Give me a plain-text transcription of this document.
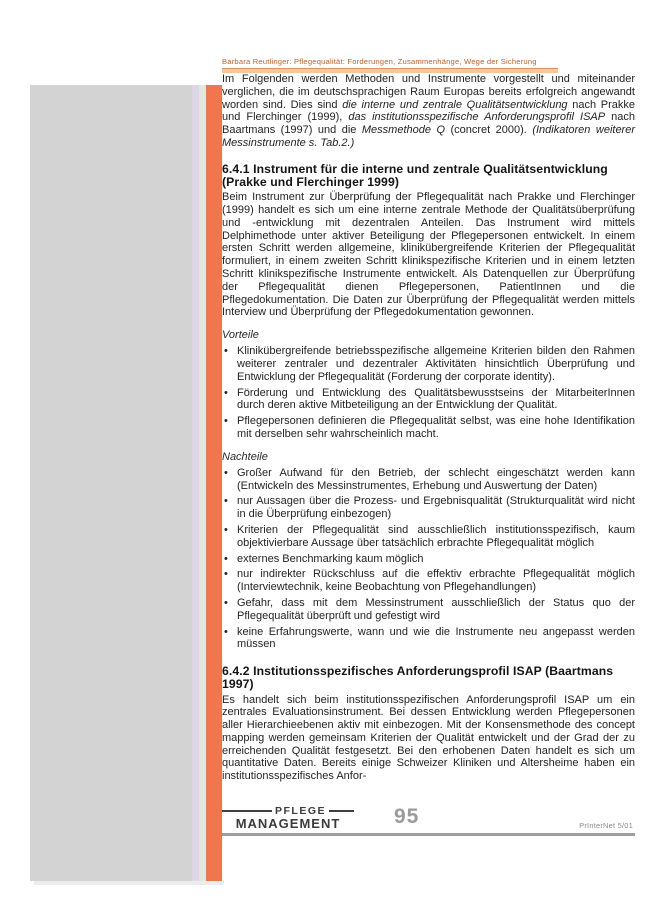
Barbara Reutlinger: Pflegequalität: Forderungen, Zusammenhänge, Wege der Sicherung

Im Folgenden werden Methoden und Instrumente vorgestellt und miteinander verglichen, die im deutschsprachigen Raum Europas bereits erfolgreich angewandt worden sind. Dies sind die interne und zentrale Qualitätsentwicklung nach Prakke und Flerchinger (1999), das institutionsspezifische Anforderungsprofil ISAP nach Baartmans (1997) und die Messmethode Q (concret 2000). (Indikatoren weiterer Messinstrumente s. Tab.2.)

6.4.1 Instrument für die interne und zentrale Qualitätsentwicklung (Prakke und Flerchinger 1999)

Beim Instrument zur Überprüfung der Pflegequalität nach Prakke und Flerchinger (1999) handelt es sich um eine interne zentrale Methode der Qualitätsüberprüfung und -entwicklung mit dezentralen Anteilen. Das Instrument wird mittels Delphimethode unter aktiver Beteiligung der Pflegepersonen entwickelt. In einem ersten Schritt werden allgemeine, klinikübergreifende Kriterien der Pflegequalität formuliert, in einem zweiten Schritt klinikspezifische Kriterien und in einem letzten Schritt klinikspezifische Instrumente entwickelt. Als Datenquellen zur Überprüfung der Pflegequalität dienen Pflegepersonen, PatientInnen und die Pflegedokumentation. Die Daten zur Überprüfung der Pflegequalität werden mittels Interview und Überprüfung der Pflegedokumentation gewonnen.

Vorteile
• Klinikübergreifende betriebsspezifische allgemeine Kriterien bilden den Rahmen weiterer zentraler und dezentraler Aktivitäten hinsichtlich Überprüfung und Entwicklung der Pflegequalität (Forderung der corporate identity).
• Förderung und Entwicklung des Qualitätsbewusstseins der MitarbeiterInnen durch deren aktive Mitbeteiligung an der Entwicklung der Qualität.
• Pflegepersonen definieren die Pflegequalität selbst, was eine hohe Identifikation mit derselben sehr wahrscheinlich macht.
Nachteile
• Großer Aufwand für den Betrieb, der schlecht eingeschätzt werden kann (Entwickeln des Messinstrumentes, Erhebung und Auswertung der Daten)
• nur Aussagen über die Prozess- und Ergebnisqualität (Strukturqualität wird nicht in die Überprüfung einbezogen)
• Kriterien der Pflegequalität sind ausschließlich institutionsspezifisch, kaum objektivierbare Aussage über tatsächlich erbrachte Pflegequalität möglich
• externes Benchmarking kaum möglich
• nur indirekter Rückschluss auf die effektiv erbrachte Pflegequalität möglich (Interviewtechnik, keine Beobachtung von Pflegehandlungen)
• Gefahr, dass mit dem Messinstrument ausschließlich der Status quo der Pflegequalität überprüft und gefestigt wird
• keine Erfahrungswerte, wann und wie die Instrumente neu angepasst werden müssen
6.4.2 Institutionsspezifisches Anforderungsprofil ISAP (Baartmans 1997)

Es handelt sich beim institutionsspezifischen Anforderungsprofil ISAP um ein zentrales Evaluationsinstrument. Bei dessen Entwicklung werden Pflegepersonen aller Hierarchieebenen aktiv mit einbezogen. Mit der Konsensmethode des concept mapping werden gemeinsam Kriterien der Qualität entwickelt und der Grad der zu erreichenden Qualität festgesetzt. Bei den erhobenen Daten handelt es sich um quantitative Daten. Bereits einige Schweizer Kliniken und Altersheime haben ein institutionsspezifisches Anfor-

PFLEGE
MANAGEMENT	95	PrInterNet 5/01
